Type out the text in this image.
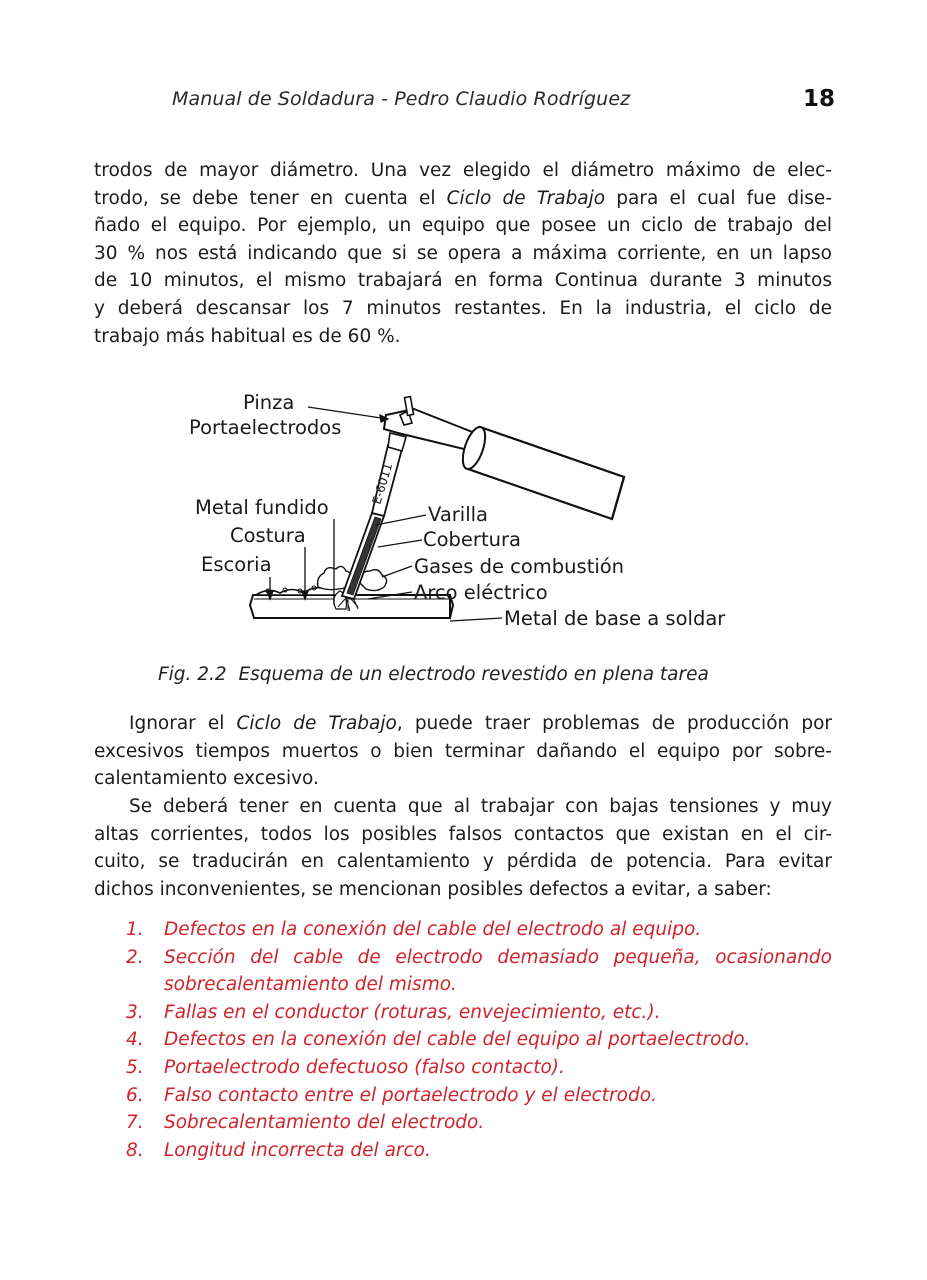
Manual de Soldadura - Pedro Claudio Rodríguez	18
trodos de mayor diámetro. Una vez elegido el diámetro máximo de elec-
trodo, se debe tener en cuenta el Ciclo de Trabajo para el cual fue dise-
ñado el equipo. Por ejemplo, un equipo que posee un ciclo de trabajo del
30 % nos está indicando que si se opera a máxima corriente, en un lapso
de 10 minutos, el mismo trabajará en forma Continua durante 3 minutos
y deberá descansar los 7 minutos restantes. En la industria, el ciclo de
trabajo más habitual es de 60 %.
E-6011
Pinza
Portaelectrodos
Metal fundido
Costura
Escoria
Varilla
Cobertura
Gases de combustión
Arco eléctrico
Metal de base a soldar
Fig. 2.2 Esquema de un electrodo revestido en plena tarea
Ignorar el Ciclo de Trabajo, puede traer problemas de producción por
excesivos tiempos muertos o bien terminar dañando el equipo por sobre-
calentamiento excesivo.
Se deberá tener en cuenta que al trabajar con bajas tensiones y muy
altas corrientes, todos los posibles falsos contactos que existan en el cir-
cuito, se traducirán en calentamiento y pérdida de potencia. Para evitar
dichos inconvenientes, se mencionan posibles defectos a evitar, a saber:
1.	Defectos en la conexión del cable del electrodo al equipo.
2.	Sección del cable de electrodo demasiado pequeña, ocasionando
sobrecalentamiento del mismo.
3.	Fallas en el conductor (roturas, envejecimiento, etc.).
4.	Defectos en la conexión del cable del equipo al portaelectrodo.
5.	Portaelectrodo defectuoso (falso contacto).
6.	Falso contacto entre el portaelectrodo y el electrodo.
7.	Sobrecalentamiento del electrodo.
8.	Longitud incorrecta del arco.
